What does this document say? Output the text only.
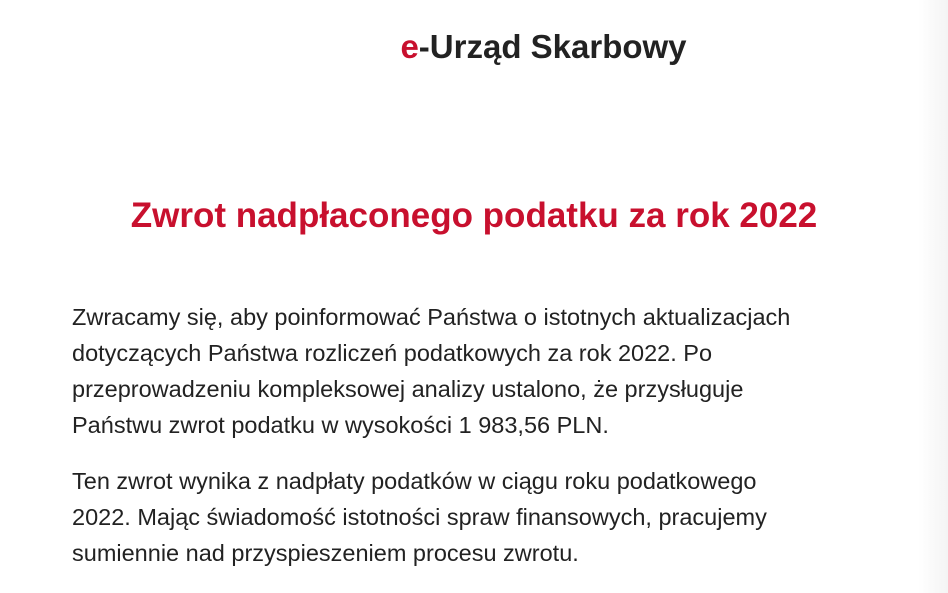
e-Urząd Skarbowy
Zwrot nadpłaconego podatku za rok 2022

Zwracamy się, aby poinformować Państwa o istotnych aktualizacjach
dotyczących Państwa rozliczeń podatkowych za rok 2022. Po
przeprowadzeniu kompleksowej analizy ustalono, że przysługuje
Państwu zwrot podatku w wysokości 1 983,56 PLN.

Ten zwrot wynika z nadpłaty podatków w ciągu roku podatkowego
2022. Mając świadomość istotności spraw finansowych, pracujemy
sumiennie nad przyspieszeniem procesu zwrotu.
